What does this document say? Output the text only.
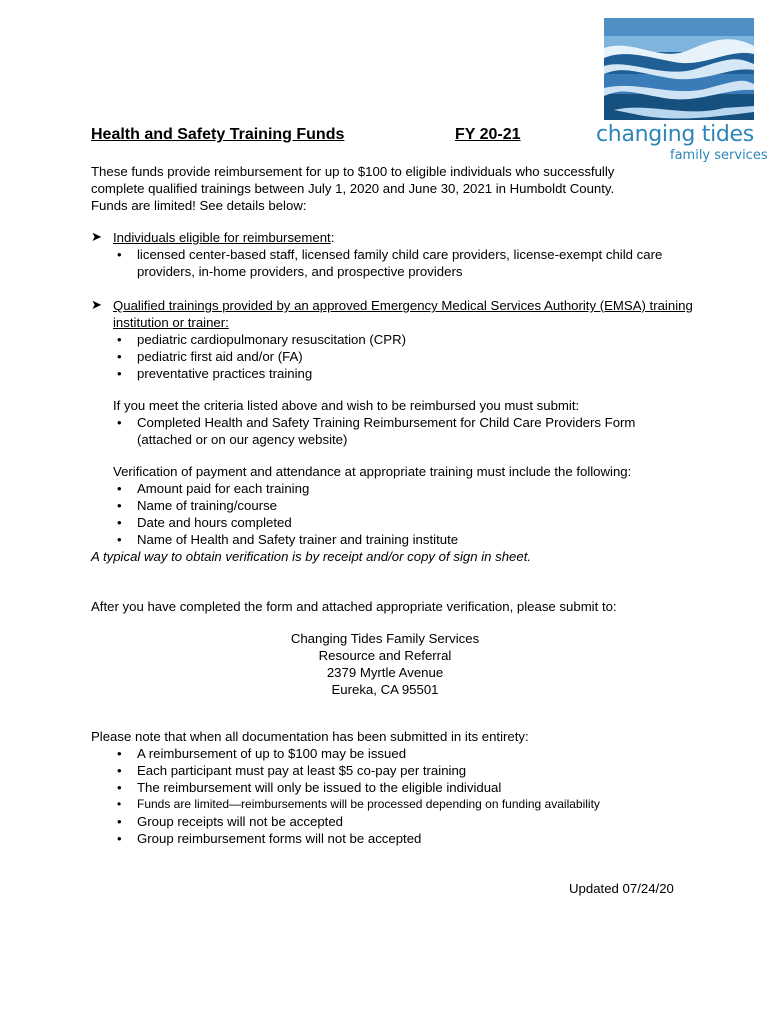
changing tides
family services
Health and Safety Training Funds	FY 20-21
These funds provide reimbursement for up to $100 to eligible individuals who successfully complete qualified trainings between July 1, 2020 and June 30, 2021 in Humboldt County. Funds are limited! See details below:
➤ Individuals eligible for reimbursement:
• licensed center-based staff, licensed family child care providers, license-exempt child care providers, in-home providers, and prospective providers
➤ Qualified trainings provided by an approved Emergency Medical Services Authority (EMSA) training institution or trainer:
• pediatric cardiopulmonary resuscitation (CPR)
• pediatric first aid and/or (FA)
• preventative practices training
If you meet the criteria listed above and wish to be reimbursed you must submit:
• Completed Health and Safety Training Reimbursement for Child Care Providers Form (attached or on our agency website)
Verification of payment and attendance at appropriate training must include the following:
• Amount paid for each training
• Name of training/course
• Date and hours completed
• Name of Health and Safety trainer and training institute
A typical way to obtain verification is by receipt and/or copy of sign in sheet.
After you have completed the form and attached appropriate verification, please submit to:
Changing Tides Family Services
Resource and Referral
2379 Myrtle Avenue
Eureka, CA 95501
Please note that when all documentation has been submitted in its entirety:
• A reimbursement of up to $100 may be issued
• Each participant must pay at least $5 co-pay per training
• The reimbursement will only be issued to the eligible individual
• Funds are limited—reimbursements will be processed depending on funding availability
• Group receipts will not be accepted
• Group reimbursement forms will not be accepted
Updated 07/24/20
